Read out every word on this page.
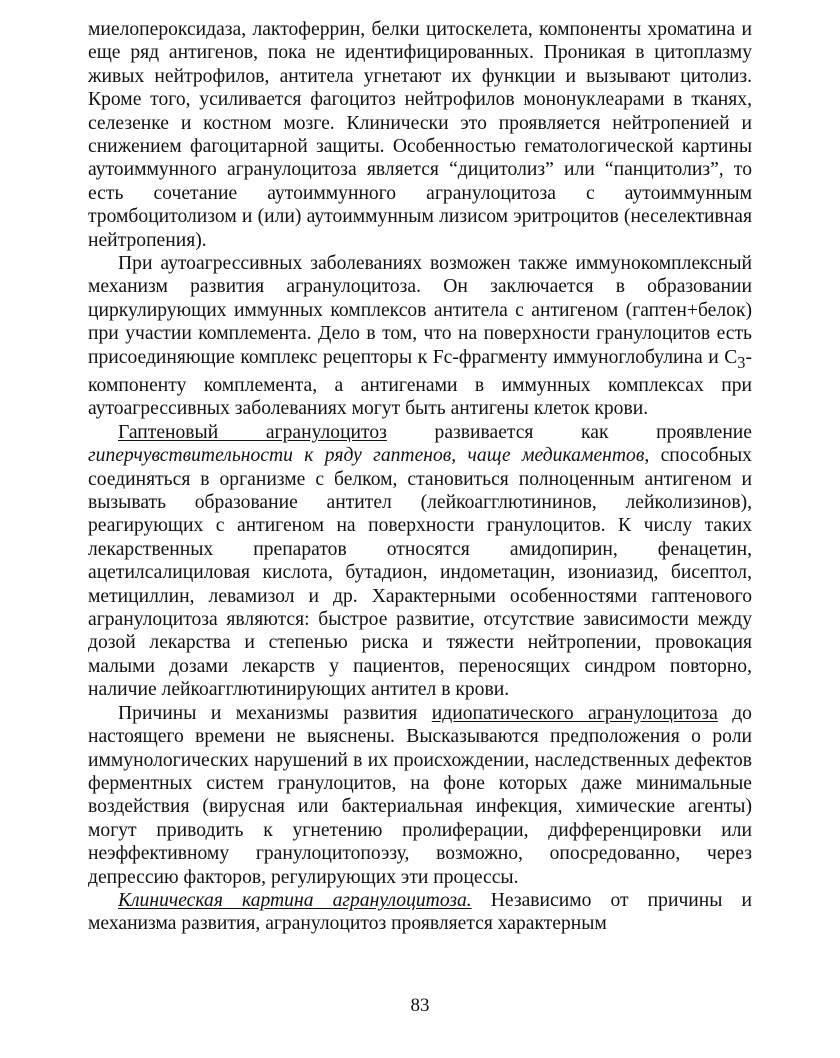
миелопероксидаза, лактоферрин, белки цитоскелета, компоненты хроматина и еще ряд антигенов, пока не идентифицированных. Проникая в цитоплазму живых нейтрофилов, антитела угнетают их функции и вызывают цитолиз. Кроме того, усиливается фагоцитоз нейтрофилов мононуклеарами в тканях, селезенке и костном мозге. Клинически это проявляется нейтропенией и снижением фагоцитарной защиты. Особенностью гематологической картины аутоиммунного агранулоцитоза является “дицитолиз” или “панцитолиз”, то есть сочетание аутоиммунного агранулоцитоза с аутоиммунным тромбоцитолизом и (или) аутоиммунным лизисом эритроцитов (неселективная нейтропения).

При аутоагрессивных заболеваниях возможен также иммунокомплексный механизм развития агранулоцитоза. Он заключается в образовании циркулирующих иммунных комплексов антитела с антигеном (гаптен+белок) при участии комплемента. Дело в том, что на поверхности гранулоцитов есть присоединяющие комплекс рецепторы к Fc-фрагменту иммуноглобулина и $C_3$-компоненту комплемента, а антигенами в иммунных комплексах при аутоагрессивных заболеваниях могут быть антигены клеток крови.

Гаптеновый агранулоцитоз развивается как проявление гиперчувствительности к ряду гаптенов, чаще медикаментов, способных соединяться в организме с белком, становиться полноценным антигеном и вызывать образование антител (лейкоагглютининов, лейколизинов), реагирующих с антигеном на поверхности гранулоцитов. К числу таких лекарственных препаратов относятся амидопирин, фенацетин, ацетилсалициловая кислота, бутадион, индометацин, изониазид, бисептол, метициллин, левамизол и др. Характерными особенностями гаптенового агранулоцитоза являются: быстрое развитие, отсутствие зависимости между дозой лекарства и степенью риска и тяжести нейтропении, провокация малыми дозами лекарств у пациентов, переносящих синдром повторно, наличие лейкоагглютинирующих антител в крови.

Причины и механизмы развития идиопатического агранулоцитоза до настоящего времени не выяснены. Высказываются предположения о роли иммунологических нарушений в их происхождении, наследственных дефектов ферментных систем гранулоцитов, на фоне которых даже минимальные воздействия (вирусная или бактериальная инфекция, химические агенты) могут приводить к угнетению пролиферации, дифференцировки или неэффективному гранулоцитопоэзу, возможно, опосредованно, через депрессию факторов, регулирующих эти процессы.

Клиническая картина агранулоцитоза. Независимо от причины и механизма развития, агранулоцитоз проявляется характерным

83
